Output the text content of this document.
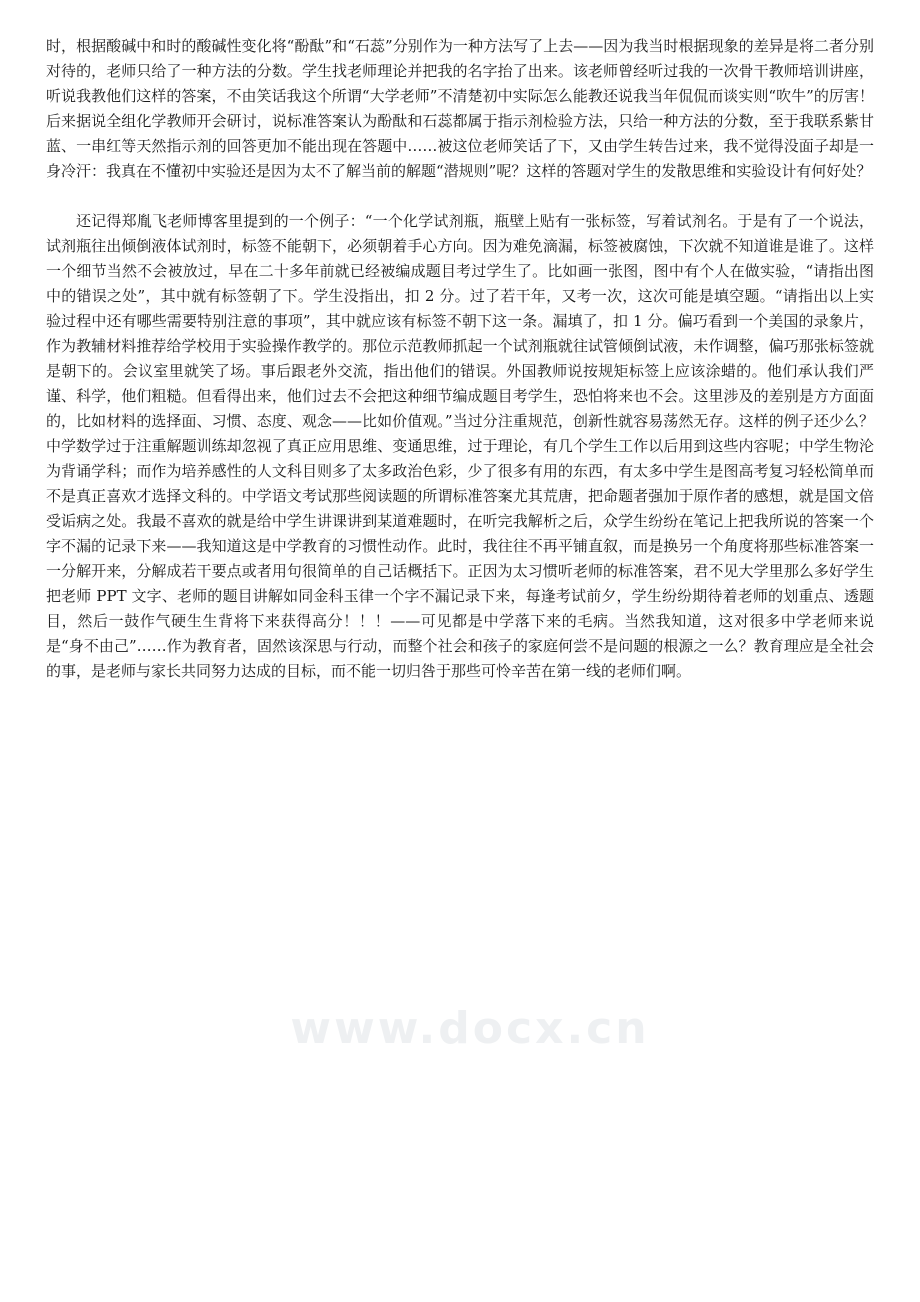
时，根据酸碱中和时的酸碱性变化将“酚酞”和“石蕊”分别作为一种方法写了上去——因为我当时根据现象的差异是将二者分别对待的，老师只给了一种方法的分数。学生找老师理论并把我的名字抬了出来。该老师曾经听过我的一次骨干教师培训讲座，听说我教他们这样的答案，不由笑话我这个所谓“大学老师”不清楚初中实际怎么能教还说我当年侃侃而谈实则“吹牛”的厉害！后来据说全组化学教师开会研讨，说标准答案认为酚酞和石蕊都属于指示剂检验方法，只给一种方法的分数，至于我联系紫甘蓝、一串红等天然指示剂的回答更加不能出现在答题中……被这位老师笑话了下，又由学生转告过来，我不觉得没面子却是一身冷汗：我真在不懂初中实验还是因为太不了解当前的解题“潜规则”呢？这样的答题对学生的发散思维和实验设计有何好处？

还记得郑胤飞老师博客里提到的一个例子：“一个化学试剂瓶，瓶壁上贴有一张标签，写着试剂名。于是有了一个说法，试剂瓶往出倾倒液体试剂时，标签不能朝下，必须朝着手心方向。因为难免滴漏，标签被腐蚀，下次就不知道谁是谁了。这样一个细节当然不会被放过，早在二十多年前就已经被编成题目考过学生了。比如画一张图，图中有个人在做实验，“请指出图中的错误之处”，其中就有标签朝了下。学生没指出，扣 2 分。过了若干年，又考一次，这次可能是填空题。“请指出以上实验过程中还有哪些需要特别注意的事项”，其中就应该有标签不朝下这一条。漏填了，扣 1 分。偏巧看到一个美国的录象片，作为教辅材料推荐给学校用于实验操作教学的。那位示范教师抓起一个试剂瓶就往试管倾倒试液，未作调整，偏巧那张标签就是朝下的。会议室里就笑了场。事后跟老外交流，指出他们的错误。外国教师说按规矩标签上应该涂蜡的。他们承认我们严谨、科学，他们粗糙。但看得出来，他们过去不会把这种细节编成题目考学生，恐怕将来也不会。这里涉及的差别是方方面面的，比如材料的选择面、习惯、态度、观念——比如价值观。”当过分注重规范，创新性就容易荡然无存。这样的例子还少么？中学数学过于注重解题训练却忽视了真正应用思维、变通思维，过于理论，有几个学生工作以后用到这些内容呢；中学生物沦为背诵学科；而作为培养感性的人文科目则多了太多政治色彩，少了很多有用的东西，有太多中学生是图高考复习轻松简单而不是真正喜欢才选择文科的。中学语文考试那些阅读题的所谓标准答案尤其荒唐，把命题者强加于原作者的感想，就是国文倍受诟病之处。我最不喜欢的就是给中学生讲课讲到某道难题时，在听完我解析之后，众学生纷纷在笔记上把我所说的答案一个字不漏的记录下来——我知道这是中学教育的习惯性动作。此时，我往往不再平铺直叙，而是换另一个角度将那些标准答案一一分解开来，分解成若干要点或者用句很简单的自己话概括下。正因为太习惯听老师的标准答案，君不见大学里那么多好学生把老师 PPT 文字、老师的题目讲解如同金科玉律一个字不漏记录下来，每逢考试前夕，学生纷纷期待着老师的划重点、透题目，然后一鼓作气硬生生背将下来获得高分！！！——可见都是中学落下来的毛病。当然我知道，这对很多中学老师来说是“身不由己”……作为教育者，固然该深思与行动，而整个社会和孩子的家庭何尝不是问题的根源之一么？教育理应是全社会的事，是老师与家长共同努力达成的目标，而不能一切归咎于那些可怜辛苦在第一线的老师们啊。

www.docx.cn
